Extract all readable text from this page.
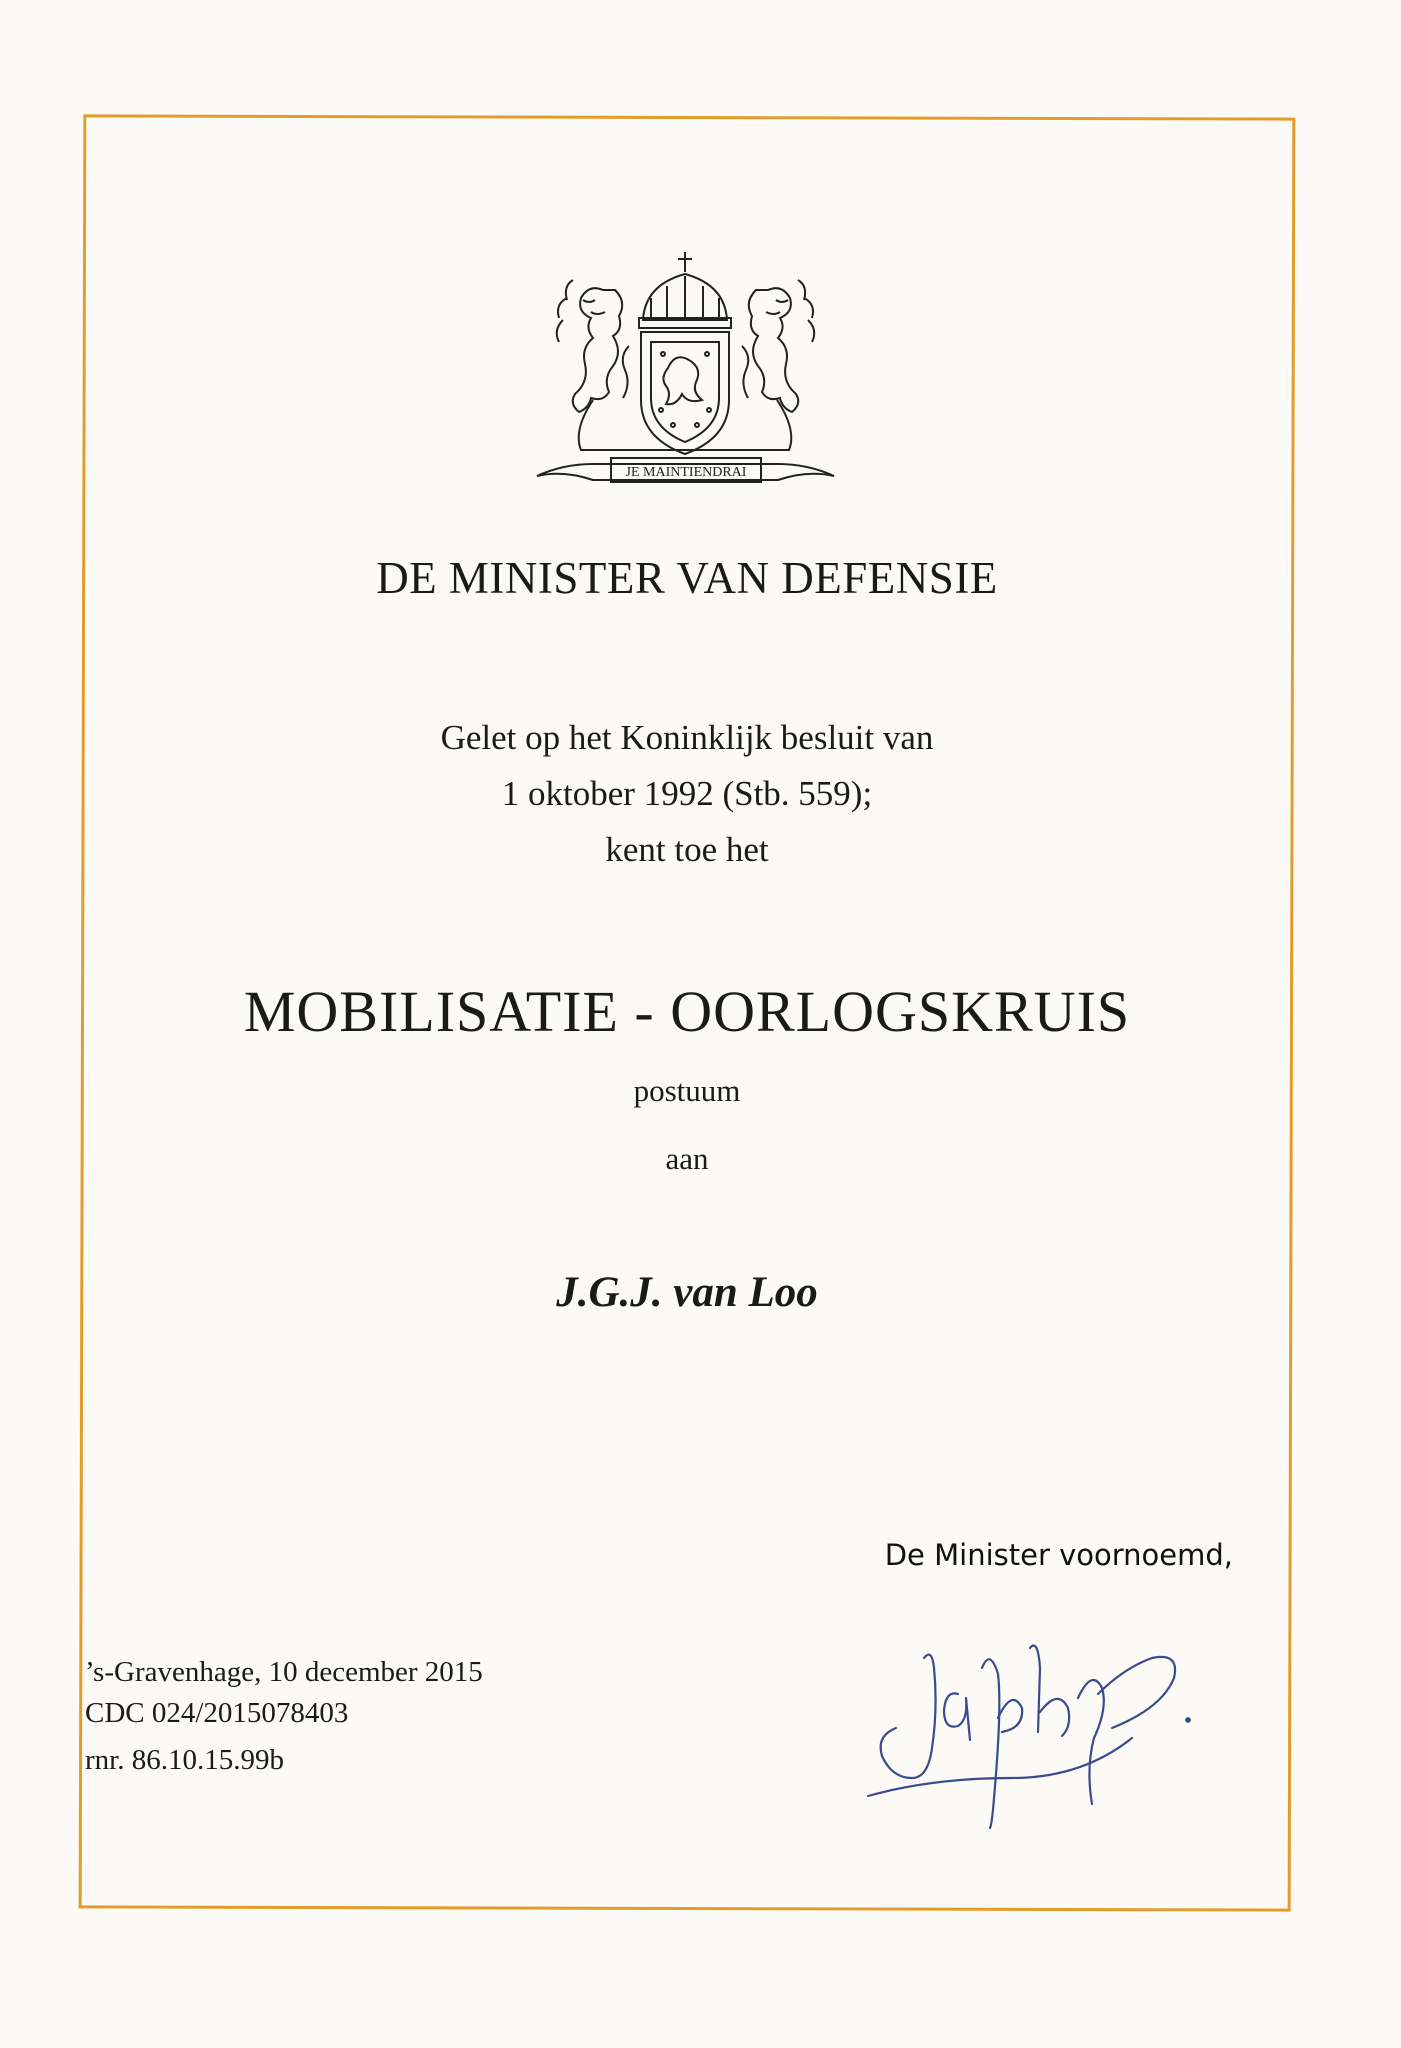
JE MAINTIENDRAI
DE MINISTER VAN DEFENSIE
Gelet op het Koninklijk besluit van
1 oktober 1992 (Stb. 559);
kent toe het
MOBILISATIE - OORLOGSKRUIS
postuum
aan
J.G.J. van Loo
De Minister voornoemd,
’s-Gravenhage, 10 december 2015
CDC 024/2015078403
rnr. 86.10.15.99b
